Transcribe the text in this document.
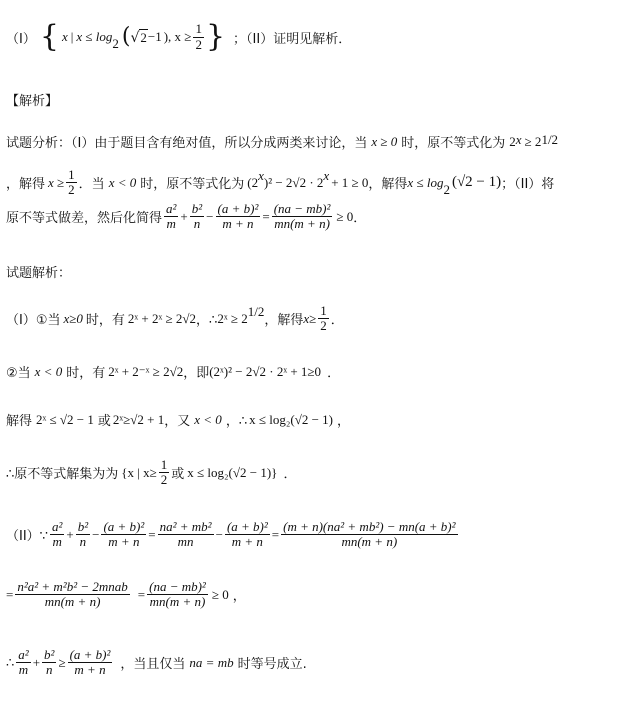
（I） { x | x ≤ log 2 ( √ 2 −1 ), $x \ge \frac{1}{2}$ } ；（II）证明见解析．
【解析】
试题分析：（I）由于题目含有绝对值，所以分成两类来讨论，当 x ≥ 0 时，原不等式化为 2 x ≥ 2 1/2
，解得 $x \ge \frac{1}{2}$ ．当 x < 0 时，原不等式化为 (2 x )² − 2√2 · 2 x + 1 ≥ 0 ，解得 x ≤ log 2 (√2 − 1) ；（II）将
原不等式做差，然后化简得 $\frac{\text{a²}}{m} + \frac{\text{b²}}{n} - \frac{\text{(a + b)²}}{m + n} = \frac{\text{(na − mb)²}}{mn(m + n)} \ge 0$ ．
试题解析：
（I）①当 x≥0 时，有 2ˣ + 2ˣ ≥ 2√2 ，∴ 2ˣ ≥ 2 1/2
，解得 $x\ge \frac{1}{2}$ ．
②当 x < 0 时，有 2ˣ + 2⁻ˣ ≥ 2√2 ，即 (2ˣ)² − 2√2 · 2ˣ + 1≥0 ．
解得 2ˣ ≤ √2 − 1 或 2ˣ≥√2 + 1 ，又 x < 0 ，∴ x ≤ log₂(√2 − 1) ，
∴原不等式解集为为 {x | $x\ge \frac{1}{2}$ 或 x ≤ log₂(√2 − 1)} ．
（II）∵ $\frac{\text{a²}}{m} + \frac{\text{b²}}{n} - \frac{\text{(a + b)²}}{m + n} = \frac{\text{na² + mb²}}{mn} - \frac{\text{(a + b)²}}{m + n} = \frac{\text{(m + n)(na² + mb²) − mn(a + b)²}}{mn(m + n)}$
= $\frac{\text{n²a² + m²b² − 2mnab}}{mn(m + n)} = \frac{\text{(na − mb)²}}{mn(m + n)} \ge 0$ ，
∴ $\frac{\text{a²}}{m} + \frac{\text{b²}}{n} \ge \frac{\text{(a + b)²}}{m + n}$ ，当且仅当 na = mb 时等号成立.
